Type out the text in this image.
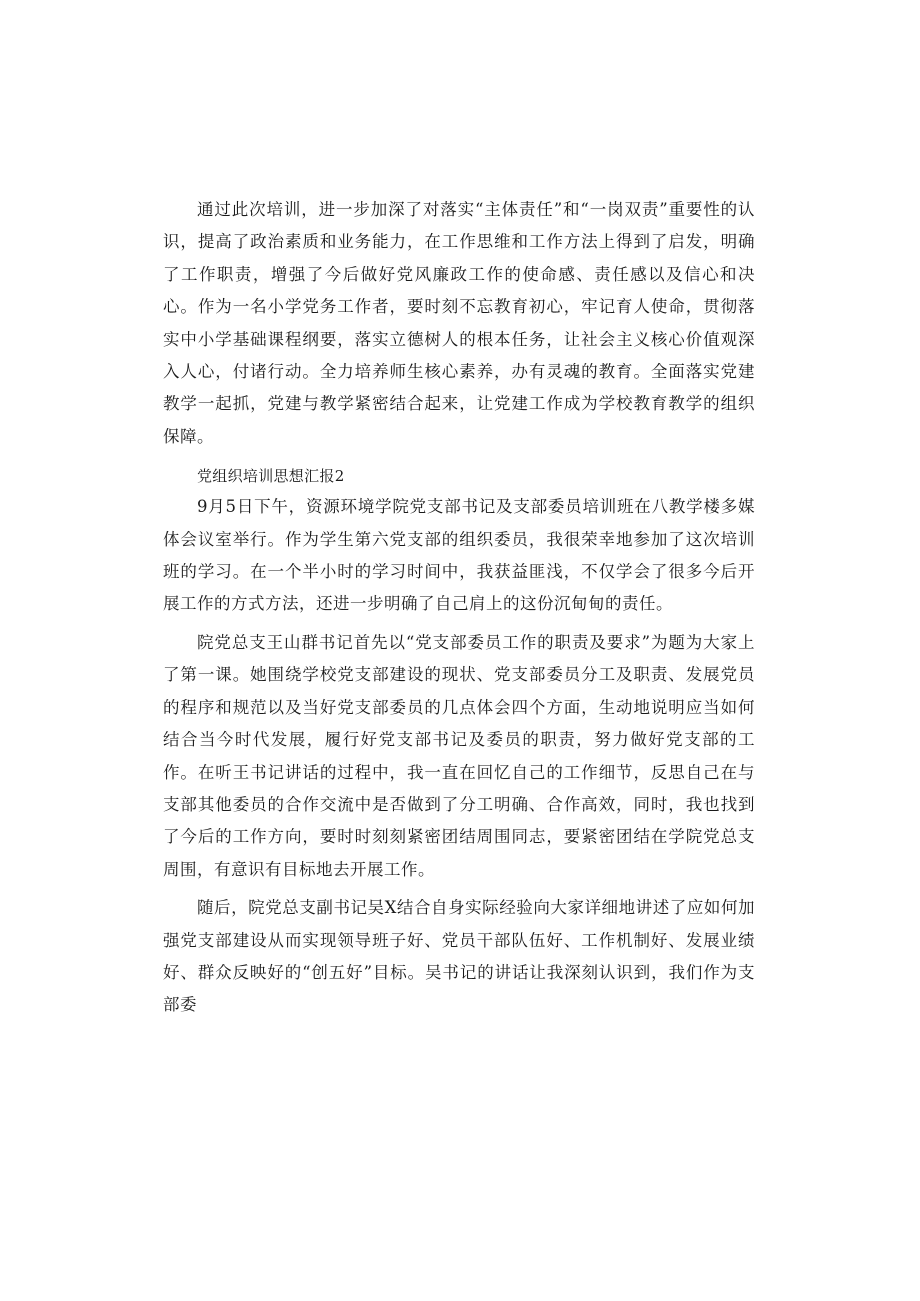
通过此次培训，进一步加深了对落实“主体责任”和“一岗双责”重要性的认识，提高了政治素质和业务能力，在工作思维和工作方法上得到了启发，明确了工作职责，增强了今后做好党风廉政工作的使命感、责任感以及信心和决心。作为一名小学党务工作者，要时刻不忘教育初心，牢记育人使命，贯彻落实中小学基础课程纲要，落实立德树人的根本任务，让社会主义核心价值观深入人心，付诸行动。全力培养师生核心素养，办有灵魂的教育。全面落实党建教学一起抓，党建与教学紧密结合起来，让党建工作成为学校教育教学的组织保障。

党组织培训思想汇报2

9月5日下午，资源环境学院党支部书记及支部委员培训班在八教学楼多媒体会议室举行。作为学生第六党支部的组织委员，我很荣幸地参加了这次培训班的学习。在一个半小时的学习时间中，我获益匪浅，不仅学会了很多今后开展工作的方式方法，还进一步明确了自己肩上的这份沉甸甸的责任。

院党总支王山群书记首先以“党支部委员工作的职责及要求”为题为大家上了第一课。她围绕学校党支部建设的现状、党支部委员分工及职责、发展党员的程序和规范以及当好党支部委员的几点体会四个方面，生动地说明应当如何结合当今时代发展，履行好党支部书记及委员的职责，努力做好党支部的工作。在听王书记讲话的过程中，我一直在回忆自己的工作细节，反思自己在与支部其他委员的合作交流中是否做到了分工明确、合作高效，同时，我也找到了今后的工作方向，要时时刻刻紧密团结周围同志，要紧密团结在学院党总支周围，有意识有目标地去开展工作。

随后，院党总支副书记吴X结合自身实际经验向大家详细地讲述了应如何加强党支部建设从而实现领导班子好、党员干部队伍好、工作机制好、发展业绩好、群众反映好的“创五好”目标。吴书记的讲话让我深刻认识到，我们作为支部委
